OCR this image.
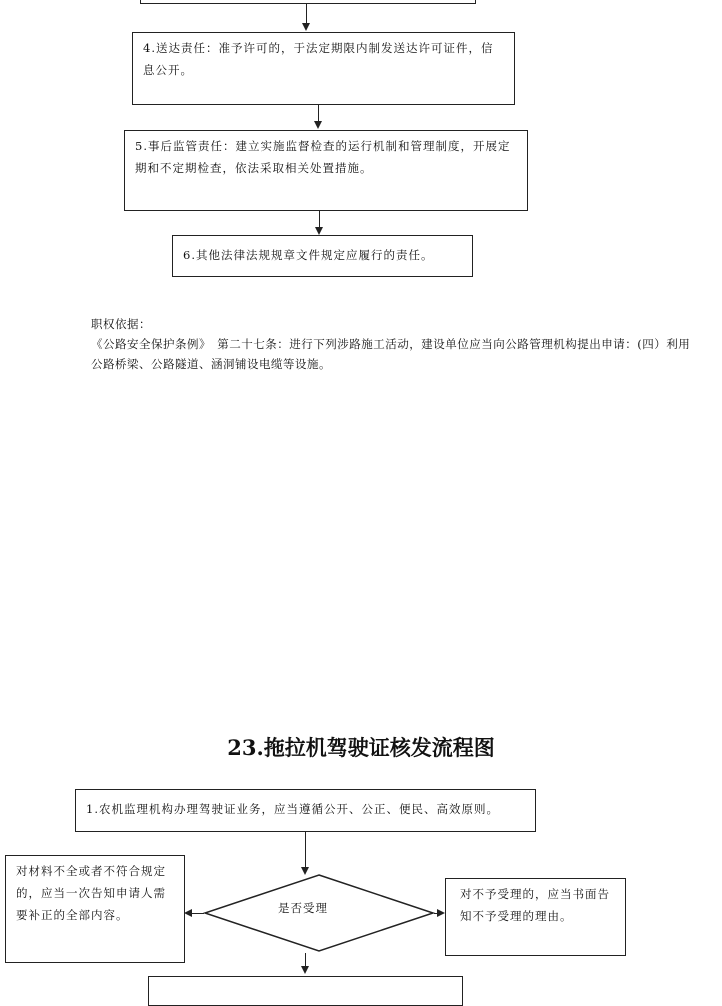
4.送达责任：准予许可的，于法定期限内制发送达许可证件，信息公开。
5.事后监管责任：建立实施监督检查的运行机制和管理制度，开展定期和不定期检查，依法采取相关处置措施。
6.其他法律法规规章文件规定应履行的责任。
职权依据：
《公路安全保护条例》　第二十七条：进行下列涉路施工活动，建设单位应当向公路管理机构提出申请：(四）利用公路桥梁、公路隧道、涵洞铺设电缆等设施。
23.拖拉机驾驶证核发流程图
1.农机监理机构办理驾驶证业务，应当遵循公开、公正、便民、高效原则。
是否受理
对材料不全或者不符合规定的，应当一次告知申请人需要补正的全部内容。
对不予受理的，应当书面告知不予受理的理由。
